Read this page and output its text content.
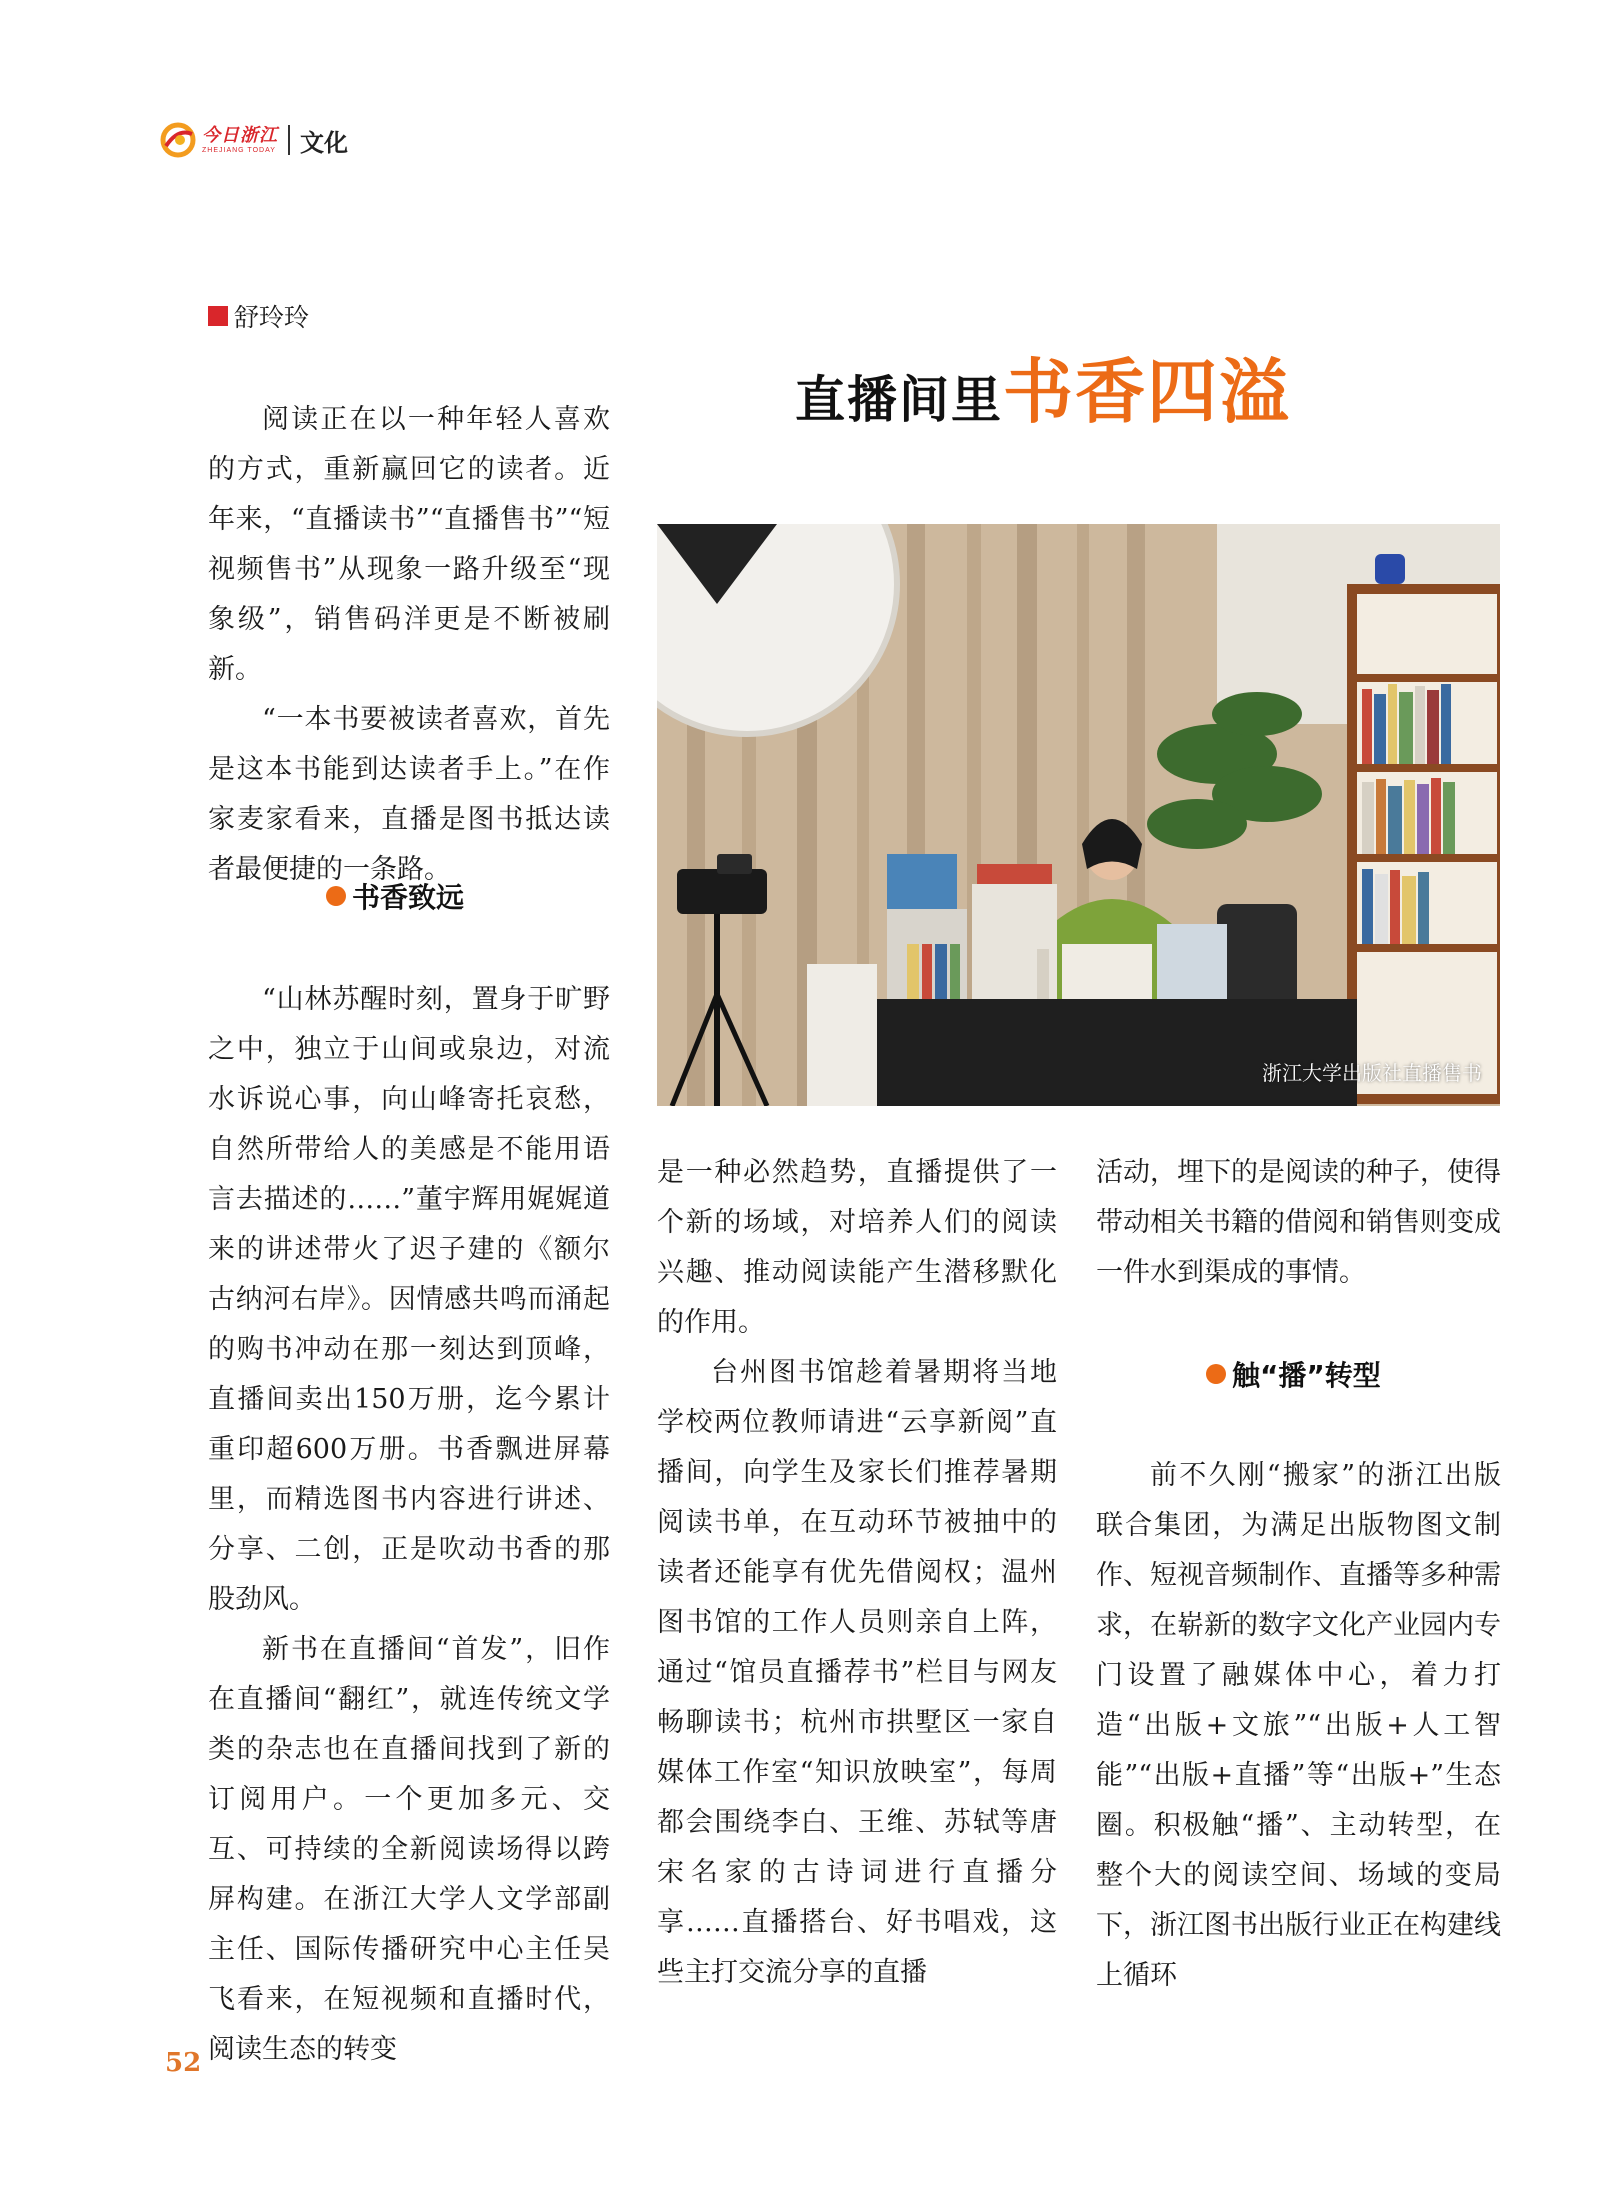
今日浙江
ZHEJIANG TODAY 文化
舒玲玲
直播间里 书香四溢

阅读正在以一种年轻人喜欢的方式，重新赢回它的读者。近年来，“直播读书”“直播售书”“短视频售书”从现象一路升级至“现象级”，销售码洋更是不断被刷新。

“一本书要被读者喜欢，首先是这本书能到达读者手上。”在作家麦家看来，直播是图书抵达读者最便捷的一条路。

书香致远

“山林苏醒时刻，置身于旷野之中，独立于山间或泉边，对流水诉说心事，向山峰寄托哀愁，自然所带给人的美感是不能用语言去描述的……”董宇辉用娓娓道来的讲述带火了迟子建的《额尔古纳河右岸》。因情感共鸣而涌起的购书冲动在那一刻达到顶峰，直播间卖出150万册，迄今累计重印超600万册。书香飘进屏幕里，而精选图书内容进行讲述、分享、二创，正是吹动书香的那股劲风。

新书在直播间“首发”，旧作在直播间“翻红”，就连传统文学类的杂志也在直播间找到了新的订阅用户。一个更加多元、交互、可持续的全新阅读场得以跨屏构建。在浙江大学人文学部副主任、国际传播研究中心主任吴飞看来，在短视频和直播时代，阅读生态的转变

浙江大学出版社直播售书

是一种必然趋势，直播提供了一个新的场域，对培养人们的阅读兴趣、推动阅读能产生潜移默化的作用。

台州图书馆趁着暑期将当地学校两位教师请进“云享新阅”直播间，向学生及家长们推荐暑期阅读书单，在互动环节被抽中的读者还能享有优先借阅权；温州图书馆的工作人员则亲自上阵，通过“馆员直播荐书”栏目与网友畅聊读书；杭州市拱墅区一家自媒体工作室“知识放映室”，每周都会围绕李白、王维、苏轼等唐宋名家的古诗词进行直播分享……直播搭台、好书唱戏，这些主打交流分享的直播

活动，埋下的是阅读的种子，使得带动相关书籍的借阅和销售则变成一件水到渠成的事情。

触“播”转型

前不久刚“搬家”的浙江出版联合集团，为满足出版物图文制作、短视音频制作、直播等多种需求，在崭新的数字文化产业园内专门设置了融媒体中心，着力打造“出版+文旅”“出版+人工智能”“出版+直播”等“出版+”生态圈。积极触“播”、主动转型，在整个大的阅读空间、场域的变局下，浙江图书出版行业正在构建线上循环

52
